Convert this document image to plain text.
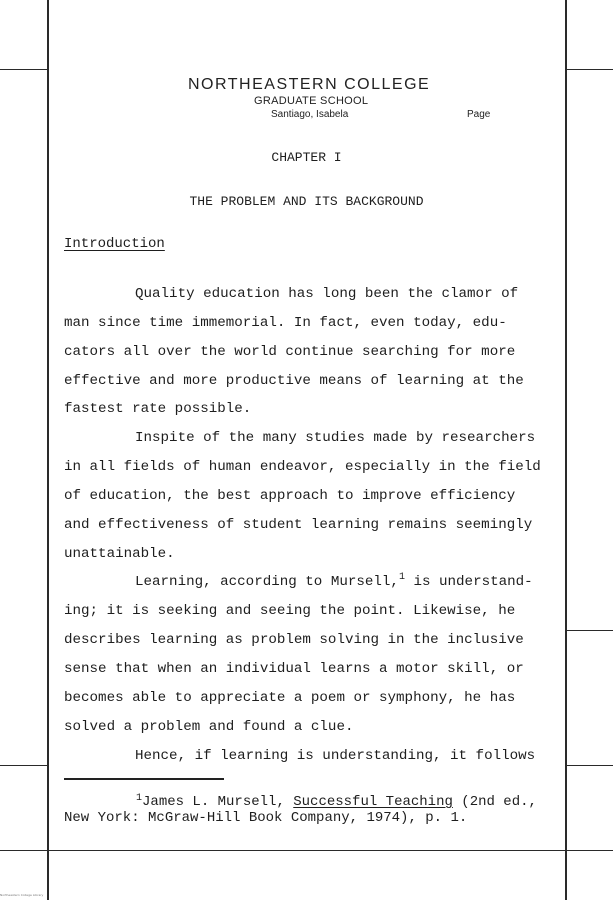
NORTHEASTERN COLLEGE
GRADUATE SCHOOL
Santiago, Isabela	Page
CHAPTER I
THE PROBLEM AND ITS BACKGROUND
Introduction
Quality education has long been the clamor of
man since time immemorial. In fact, even today, edu-
cators all over the world continue searching for more
effective and more productive means of learning at the
fastest rate possible.
Inspite of the many studies made by researchers
in all fields of human endeavor, especially in the field
of education, the best approach to improve efficiency
and effectiveness of student learning remains seemingly
unattainable.
Learning, according to Mursell,$^1$ is understand-
ing; it is seeking and seeing the point. Likewise, he
describes learning as problem solving in the inclusive
sense that when an individual learns a motor skill, or
becomes able to appreciate a poem or symphony, he has
solved a problem and found a clue.
Hence, if learning is understanding, it follows
$^1$James L. Mursell, Successful Teaching (2nd ed.,
New York: McGraw-Hill Book Company, 1974), p. 1.
Northeastern College Library
